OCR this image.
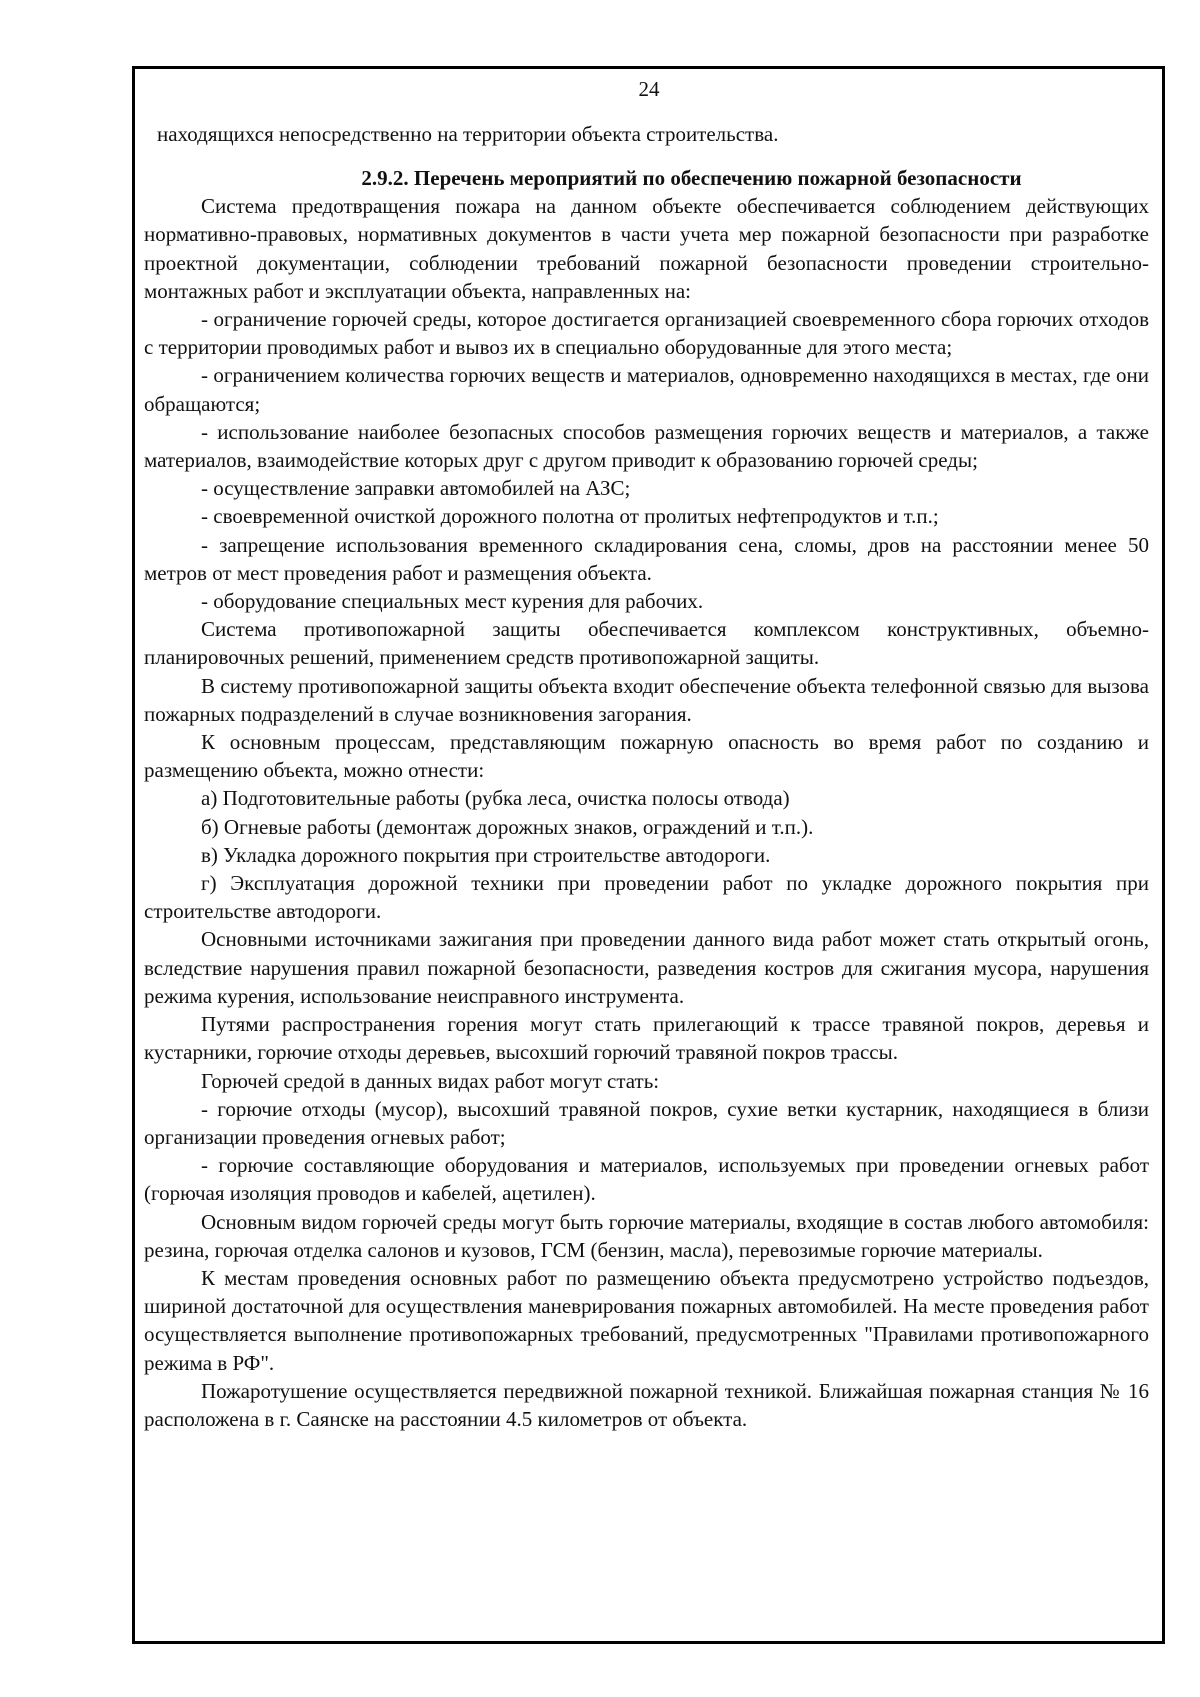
24

находящихся непосредственно на территории объекта строительства.

2.9.2. Перечень мероприятий по обеспечению пожарной безопасности

Система предотвращения пожара на данном объекте обеспечивается соблюдением действующих нормативно-правовых, нормативных документов в части учета мер пожарной безопасности при разработке проектной документации, соблюдении требований пожарной безопасности проведении строительно-монтажных работ и эксплуатации объекта, направленных на:

- ограничение горючей среды, которое достигается организацией своевременного сбора горючих отходов с территории проводимых работ и вывоз их в специально оборудованные для этого места;

- ограничением количества горючих веществ и материалов, одновременно находящихся в местах, где они обращаются;

- использование наиболее безопасных способов размещения горючих веществ и материалов, а также материалов, взаимодействие которых друг с другом приводит к образованию горючей среды;

- осуществление заправки автомобилей на АЗС;

- своевременной очисткой дорожного полотна от пролитых нефтепродуктов и т.п.;

- запрещение использования временного складирования сена, сломы, дров на расстоянии менее 50 метров от мест проведения работ и размещения объекта.

- оборудование специальных мест курения для рабочих.

Система противопожарной защиты обеспечивается комплексом конструктивных, объемно-планировочных решений, применением средств противопожарной защиты.

В систему противопожарной защиты объекта входит обеспечение объекта телефонной связью для вызова пожарных подразделений в случае возникновения загорания.

К основным процессам, представляющим пожарную опасность во время работ по созданию и размещению объекта, можно отнести:

а) Подготовительные работы (рубка леса, очистка полосы отвода)

б) Огневые работы (демонтаж дорожных знаков, ограждений и т.п.).

в) Укладка дорожного покрытия при строительстве автодороги.

г) Эксплуатация дорожной техники при проведении работ по укладке дорожного покрытия при строительстве автодороги.

Основными источниками зажигания при проведении данного вида работ может стать открытый огонь, вследствие нарушения правил пожарной безопасности, разведения костров для сжигания мусора, нарушения режима курения, использование неисправного инструмента.

Путями распространения горения могут стать прилегающий к трассе травяной покров, деревья и кустарники, горючие отходы деревьев, высохший горючий травяной покров трассы.

Горючей средой в данных видах работ могут стать:

- горючие отходы (мусор), высохший травяной покров, сухие ветки кустарник, находящиеся в близи организации проведения огневых работ;

- горючие составляющие оборудования и материалов, используемых при проведении огневых работ (горючая изоляция проводов и кабелей, ацетилен).

Основным видом горючей среды могут быть горючие материалы, входящие в состав любого автомобиля: резина, горючая отделка салонов и кузовов, ГСМ (бензин, масла), перевозимые горючие материалы.

К местам проведения основных работ по размещению объекта предусмотрено устройство подъездов, шириной достаточной для осуществления маневрирования пожарных автомобилей. На месте проведения работ осуществляется выполнение противопожарных требований, предусмотренных "Правилами противопожарного режима в РФ".

Пожаротушение осуществляется передвижной пожарной техникой. Ближайшая пожарная станция № 16 расположена в г. Саянске на расстоянии 4.5 километров от объекта.
